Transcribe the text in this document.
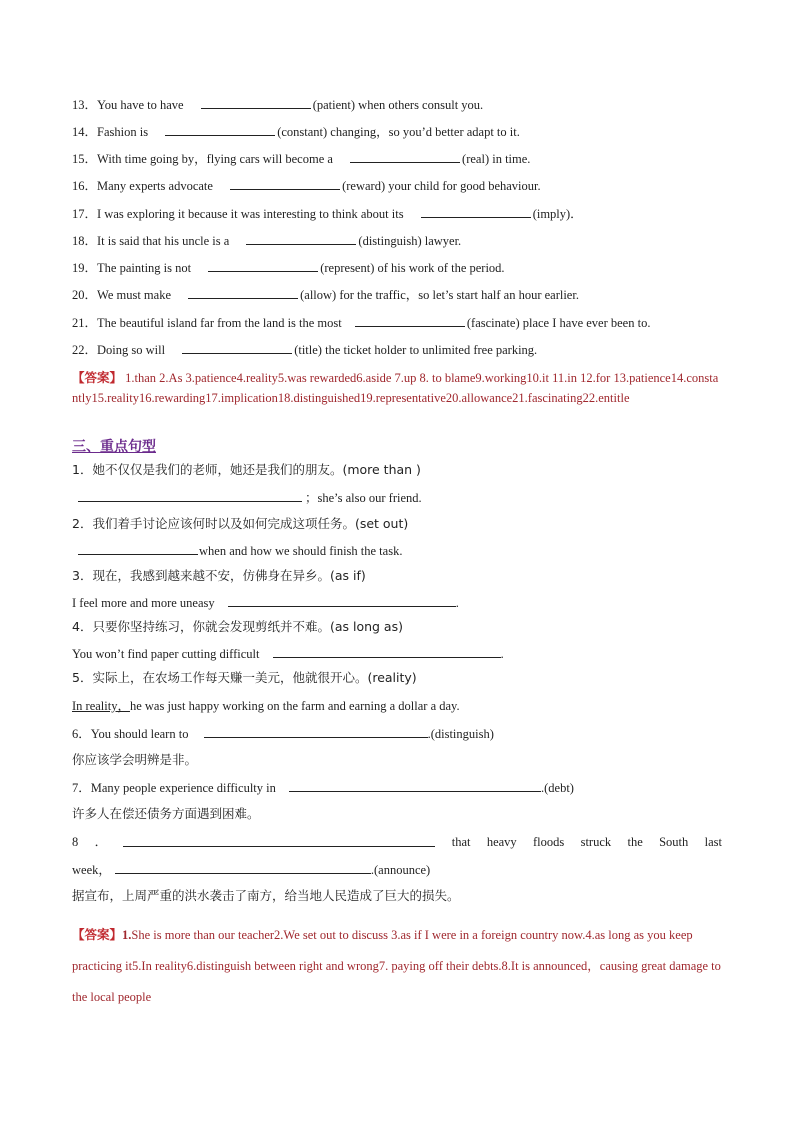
13．You have to have	(patient) when others consult you.
14．Fashion is	(constant) changing，so you’d better adapt to it.
15．With time going by，flying cars will become a	(real) in time.
16．Many experts advocate	(reward) your child for good behaviour.
17．I was exploring it because it was interesting to think about its	(imply)．
18．It is said that his uncle is a	(distinguish) lawyer.
19．The painting is not	(represent) of his work of the period.
20．We must make	(allow) for the traffic，so let’s start half an hour earlier.
21．The beautiful island far from the land is the most	(fascinate) place I have ever been to.
22．Doing so will	(title) the ticket holder to unlimited free parking.
【答案】 1.than 2.As 3.patience4.reality5.was rewarded6.aside 7.up 8. to blame9.working10.it 11.in 12.for 13.patience14.constantly15.reality16.rewarding17.implication18.distinguished19.representative20.allowance21.fascinating22.entitle
三、重点句型
1．她不仅仅是我们的老师，她还是我们的朋友。(more than )
；she’s also our friend.
2．我们着手讨论应该何时以及如何完成这项任务。(set out)
when and how we should finish the task.
3．现在，我感到越来越不安，仿佛身在异乡。(as if)
I feel more and more uneasy	.
4．只要你坚持练习，你就会发现剪纸并不难。(as long as)
You won’t find paper cutting difficult	.
5．实际上，在农场工作每天赚一美元，他就很开心。(reality)
In reality，he was just happy working on the farm and earning a dollar a day.
6．You should learn to	.(distinguish)
你应该学会明辨是非。
7．Many people experience difficulty in	.(debt)
许多人在偿还债务方面遇到困难。
8 ．	that heavy floods struck the South last
week，	.(announce)
据宣布，上周严重的洪水袭击了南方，给当地人民造成了巨大的损失。
【答案】1.She is more than our teacher2.We set out to discuss 3.as if I were in a foreign country now.4.as long as you keep practicing it5.In reality6.distinguish between right and wrong7. paying off their debts.8.It is announced，causing great damage to the local people
